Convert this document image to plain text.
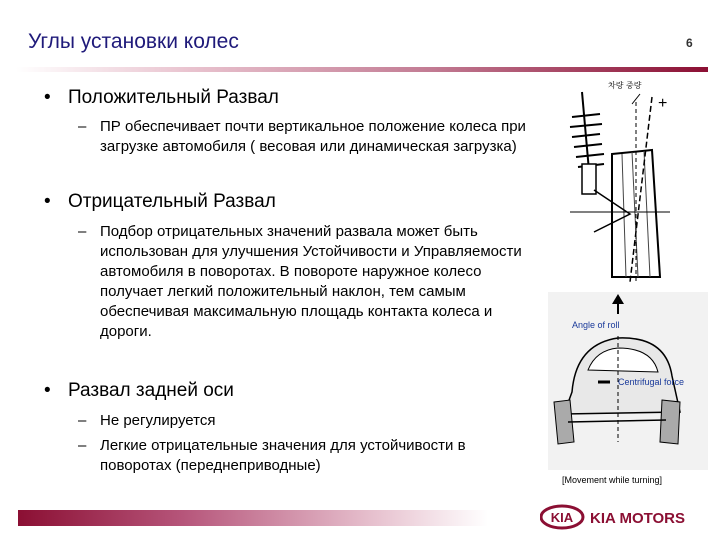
Углы установки колес	6
• Положительный Развал
– ПР обеспечивает почти вертикальное положение колеса при загрузке автомобиля ( весовая или динамическая загрузка)
• Отрицательный Развал
– Подбор отрицательных значений развала может быть использован для улучшения Устойчивости и Управляемости автомобиля в поворотах. В повороте наружное колесо получает легкий положительный наклон, тем самым обеспечивая максимальную площадь контакта колеса и дороги.
• Развал задней оси
– Не регулируется
– Легкие отрицательные значения для устойчивости в поворотах (переднеприводные)
차량 중량
+
Angle of roll
Centrifugal force
[Movement while turning]
KIA KIA MOTORS
